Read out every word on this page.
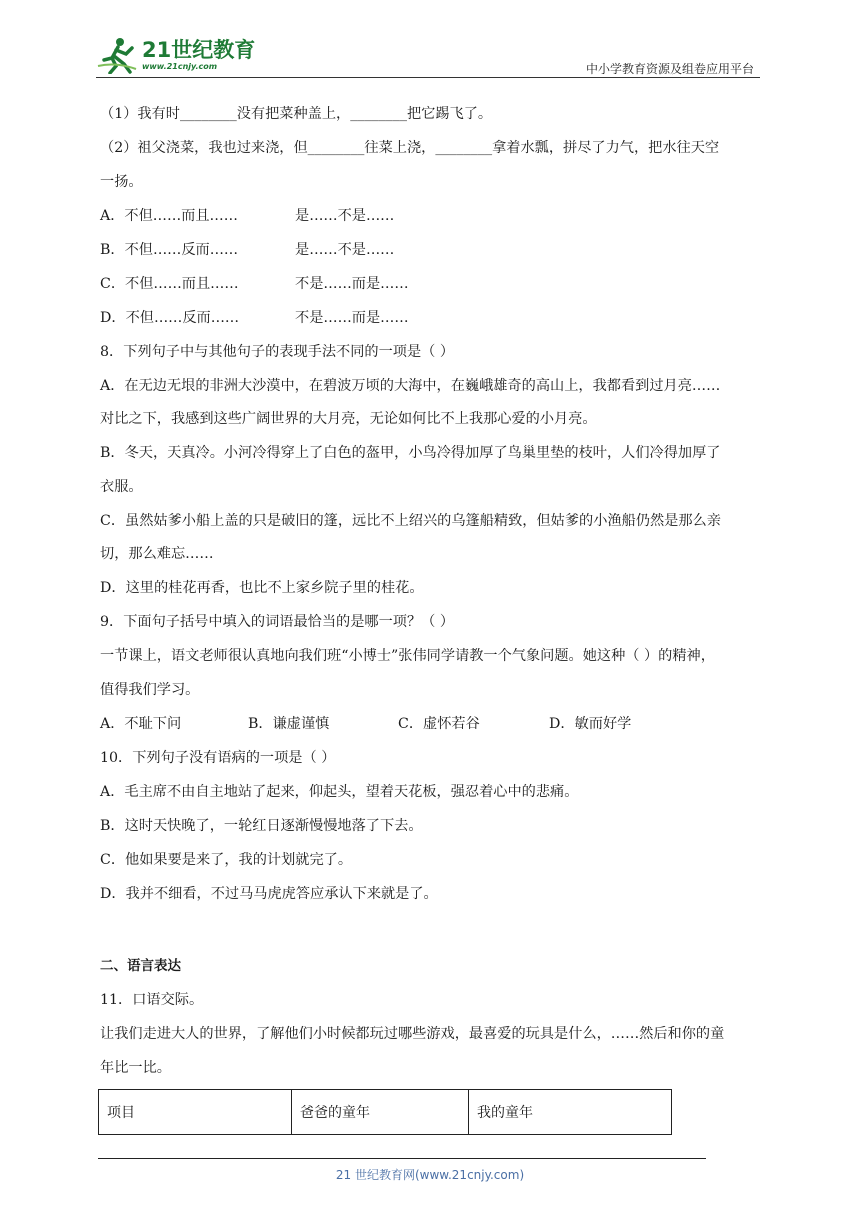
21世纪教育
www.21cnjy.com	中小学教育资源及组卷应用平台
（1）我有时________没有把菜种盖上，________把它踢飞了。
（2）祖父浇菜，我也过来浇，但________往菜上浇，________拿着水瓢，拼尽了力气，把水往天空
一扬。
A．不但……而且……	是……不是……
B．不但……反而……	是……不是……
C．不但……而且……	不是……而是……
D．不但……反而……	不是……而是……
8．下列句子中与其他句子的表现手法不同的一项是（ ）
A．在无边无垠的非洲大沙漠中，在碧波万顷的大海中，在巍峨雄奇的高山上，我都看到过月亮……
对比之下，我感到这些广阔世界的大月亮，无论如何比不上我那心爱的小月亮。
B．冬天，天真冷。小河冷得穿上了白色的盔甲，小鸟冷得加厚了鸟巢里垫的枝叶，人们冷得加厚了
衣服。
C．虽然姑爹小船上盖的只是破旧的篷，远比不上绍兴的乌篷船精致，但姑爹的小渔船仍然是那么亲
切，那么难忘……
D．这里的桂花再香，也比不上家乡院子里的桂花。
9．下面句子括号中填入的词语最恰当的是哪一项？（ ）
一节课上，语文老师很认真地向我们班“小博士”张伟同学请教一个气象问题。她这种（ ）的精神，
值得我们学习。
A．不耻下问	B．谦虚谨慎	C．虚怀若谷	D．敏而好学
10．下列句子没有语病的一项是（ ）
A．毛主席不由自主地站了起来，仰起头，望着天花板，强忍着心中的悲痛。
B．这时天快晚了，一轮红日逐渐慢慢地落了下去。
C．他如果要是来了，我的计划就完了。
D．我并不细看，不过马马虎虎答应承认下来就是了。
二、语言表达
11．口语交际。
让我们走进大人的世界，了解他们小时候都玩过哪些游戏，最喜爱的玩具是什么，……然后和你的童
年比一比。
项目	爸爸的童年	我的童年
21 世纪教育网(www.21cnjy.com)
